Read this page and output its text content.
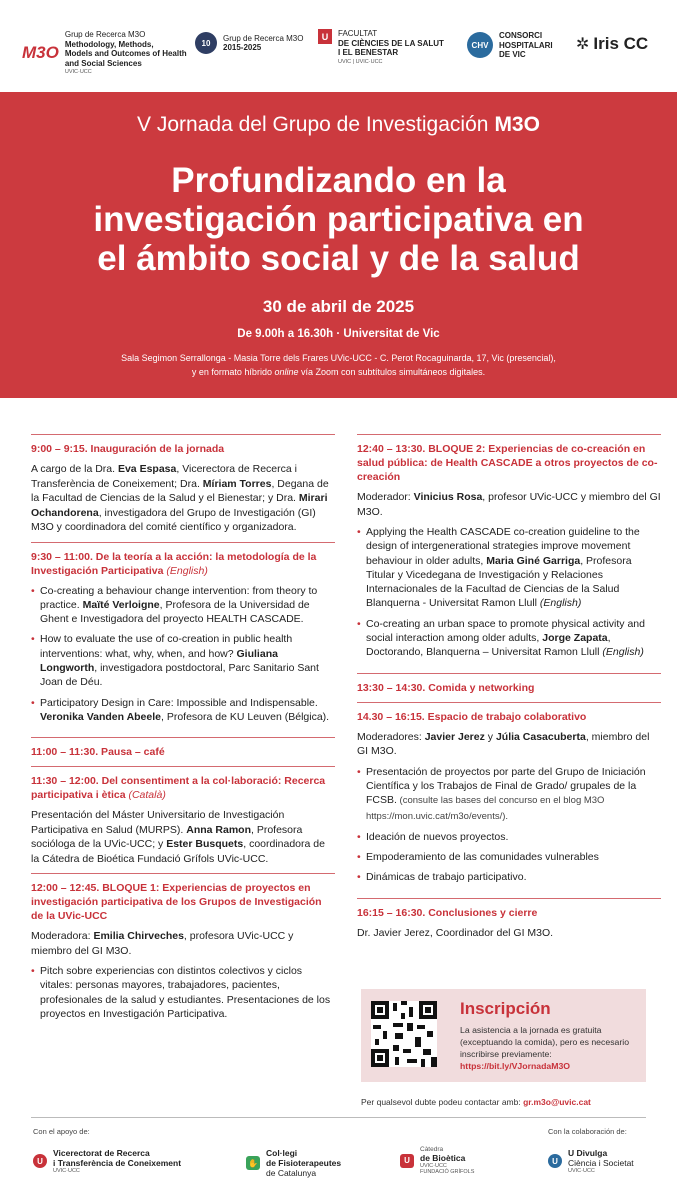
M3O
Grup de Recerca M3O
Methodology, Methods,
Models and Outcomes of Health
and Social Sciences
UVIC·UCC
10
Grup de Recerca M3O
2015-2025
U	FACULTAT
DE CIÈNCIES DE LA SALUT
I EL BENESTAR
UVIC | UVIC·UCC
CHV
CONSORCI
HOSPITALARI
DE VIC
✲ Iris CC
V Jornada del Grupo de Investigación M3O
Profundizando en la
investigación participativa en
el ámbito social y de la salud
30 de abril de 2025
De 9.00h a 16.30h · Universitat de Vic
Sala Segimon Serrallonga - Masia Torre dels Frares UVic-UCC - C. Perot Rocaguinarda, 17, Vic (presencial),
y en formato híbrido online vía Zoom con subtítulos simultáneos digitales.
9:00 – 9:15. Inauguración de la jornada
A cargo de la Dra. Eva Espasa, Vicerectora de Recerca i Transferència de Coneixement; Dra. Míriam Torres, Degana de la Facultad de Ciencias de la Salud y el Bienestar; y Dra. Mirari Ochandorena, investigadora del Grupo de Investigación (GI) M3O y coordinadora del comité científico y organizadora.
9:30 – 11:00. De la teoría a la acción: la metodología de la Investigación Participativa (English)
• Co-creating a behaviour change intervention: from theory to practice. Maïté Verloigne, Profesora de la Universidad de Ghent e Investigadora del proyecto HEALTH CASCADE.
• How to evaluate the use of co-creation in public health interventions: what, why, when, and how? Giuliana Longworth, investigadora postdoctoral, Parc Sanitario Sant Joan de Déu.
• Participatory Design in Care: Impossible and Indispensable. Veronika Vanden Abeele, Profesora de KU Leuven (Bélgica).
11:00 – 11:30. Pausa – café
11:30 – 12:00. Del consentiment a la col·laboració: Recerca participativa i ètica (Català)
Presentación del Máster Universitario de Investigación Participativa en Salud (MURPS). Anna Ramon, Profesora socióloga de la UVic-UCC; y Ester Busquets, coordinadora de la Cátedra de Bioética Fundació Grífols UVic-UCC.
12:00 – 12:45. BLOQUE 1: Experiencias de proyectos en investigación participativa de los Grupos de Investigación de la UVic-UCC
Moderadora: Emilia Chirveches, profesora UVic-UCC y miembro del GI M3O.
• Pitch sobre experiencias con distintos colectivos y ciclos vitales: personas mayores, trabajadores, pacientes, profesionales de la salud y estudiantes. Presentaciones de los proyectos en Investigación Participativa.
12:40 – 13:30. BLOQUE 2: Experiencias de co-creación en salud pública: de Health CASCADE a otros proyectos de co-creación
Moderador: Vinicius Rosa, profesor UVic-UCC y miembro del GI M3O.
• Applying the Health CASCADE co-creation guideline to the design of intergenerational strategies improve movement behaviour in older adults, Maria Giné Garriga, Profesora Titular y Vicedegana de Investigación y Relaciones Internacionales de la Facultad de Ciencias de la Salud Blanquerna - Universitat Ramon Llull (English)
• Co-creating an urban space to promote physical activity and social interaction among older adults, Jorge Zapata, Doctorando, Blanquerna – Universitat Ramon Llull (English)
13:30 – 14:30. Comida y networking
14.30 – 16:15. Espacio de trabajo colaborativo
Moderadores: Javier Jerez y Júlia Casacuberta, miembro del GI M3O.
• Presentación de proyectos por parte del Grupo de Iniciación Científica y los Trabajos de Final de Grado/ grupales de la FCSB. (consulte las bases del concurso en el blog M3O https://mon.uvic.cat/m3o/events/).
• Ideación de nuevos proyectos.
• Empoderamiento de las comunidades vulnerables
• Dinámicas de trabajo participativo.
16:15 – 16:30. Conclusiones y cierre
Dr. Javier Jerez, Coordinador del GI M3O.
Inscripción
La asistencia a la jornada es gratuita (exceptuando la comida), pero es necesario inscribirse previamente:
https://bit.ly/VJornadaM3O
Per qualsevol dubte podeu contactar amb: gr.m3o@uvic.cat
Con el apoyo de:	Con la colaboración de:
U
Vicerectorat de Recerca
i Transferència de Coneixement
UVIC·UCC
✋
Col·legi
de Fisioterapeutes
de Catalunya
U
Càtedra
de Bioètica
UVIC·UCC
FUNDACIÓ GRÍFOLS
U
U Divulga
Ciència i Societat
UVIC·UCC
